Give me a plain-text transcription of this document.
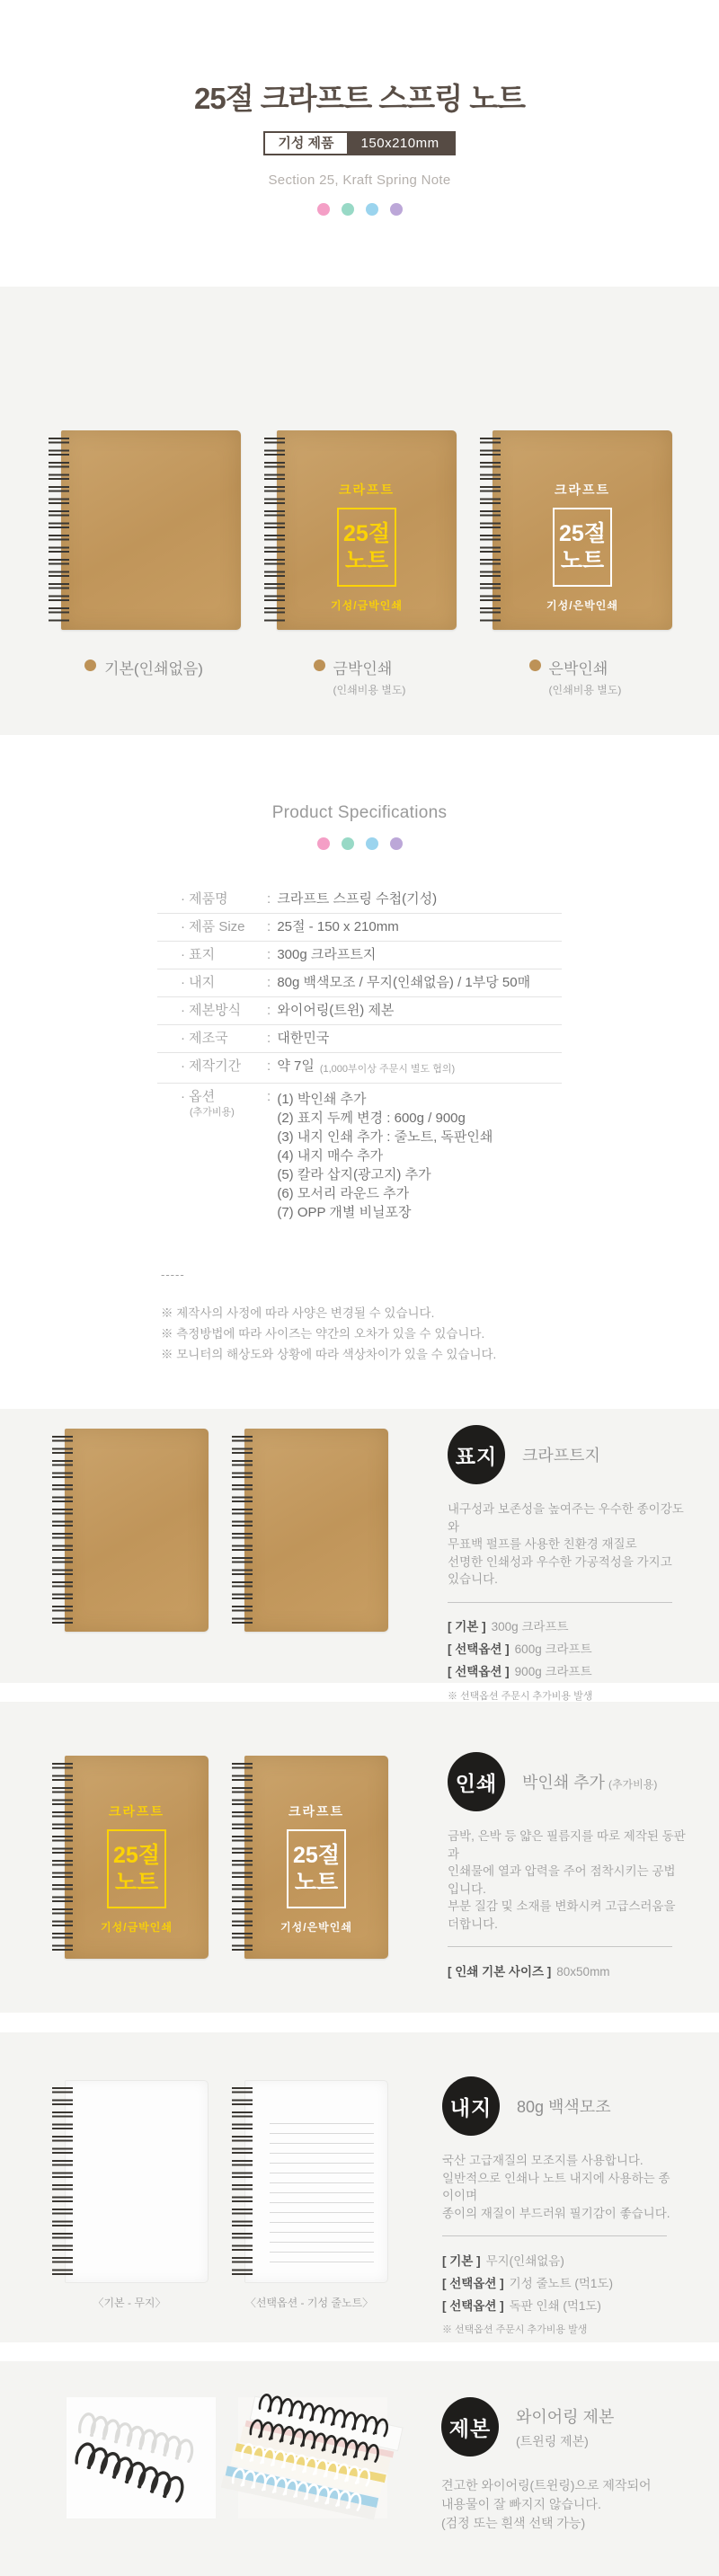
25절 크라프트 스프링 노트
기성 제품	150x210mm
Section 25, Kraft Spring Note
크라프트
25절
노트
기성/금박인쇄
크라프트
25절
노트
기성/은박인쇄
기본(인쇄없음)	금박인쇄
(인쇄비용 별도)
은박인쇄
(인쇄비용 별도)
Product Specifications
· 제품명	: 크라프트 스프링 수첩(기성)
· 제품 Size	: 25절 - 150 x 210mm
· 표지	: 300g 크라프트지
· 내지	: 80g 백색모조 / 무지(인쇄없음) / 1부당 50매
· 제본방식	: 와이어링(트윈) 제본
· 제조국	: 대한민국
· 제작기간	: 약 7일 (1,000부이상 주문시 별도 협의)
· 옵션
(추가비용)
: (1) 박인쇄 추가
(2) 표지 두께 변경 : 600g / 900g
(3) 내지 인쇄 추가 : 줄노트, 독판인쇄
(4) 내지 매수 추가
(5) 칼라 삽지(광고지) 추가
(6) 모서리 라운드 추가
(7) OPP 개별 비닐포장
-----
※ 제작사의 사정에 따라 사양은 변경될 수 있습니다.
※ 측정방법에 따라 사이즈는 약간의 오차가 있을 수 있습니다.
※ 모니터의 해상도와 상황에 따라 색상차이가 있을 수 있습니다.
표지	크라프트지
내구성과 보존성을 높여주는 우수한 종이강도와
무표백 펄프를 사용한 친환경 재질로
선명한 인쇄성과 우수한 가공적성을 가지고 있습니다.
[ 기본 ] 300g 크라프트
[ 선택옵션 ] 600g 크라프트
[ 선택옵션 ] 900g 크라프트
※ 선택옵션 주문시 추가비용 발생
크라프트
25절
노트
기성/금박인쇄
크라프트
25절
노트
기성/은박인쇄
인쇄	박인쇄 추가 (추가비용)
금박, 은박 등 얇은 필름지를 따로 제작된 동판과
인쇄물에 열과 압력을 주어 점착시키는 공법입니다.
부분 질감 및 소재를 변화시켜 고급스러움을 더합니다.
[ 인쇄 기본 사이즈 ] 80x50mm
〈기본 - 무지〉	〈선택옵션 - 기성 줄노트〉
내지	80g 백색모조
국산 고급재질의 모조지를 사용합니다.
일반적으로 인쇄나 노트 내지에 사용하는 종이이며
종이의 재질이 부드러워 필기감이 좋습니다.
[ 기본 ] 무지(인쇄없음)
[ 선택옵션 ] 기성 줄노트 (먹1도)
[ 선택옵션 ] 독판 인쇄 (먹1도)
※ 선택옵션 주문시 추가비용 발생
제본	와이어링 제본
(트윈링 제본)
견고한 와이어링(트윈링)으로 제작되어
내용물이 잘 빠지지 않습니다.
(검정 또는 흰색 선택 가능)
